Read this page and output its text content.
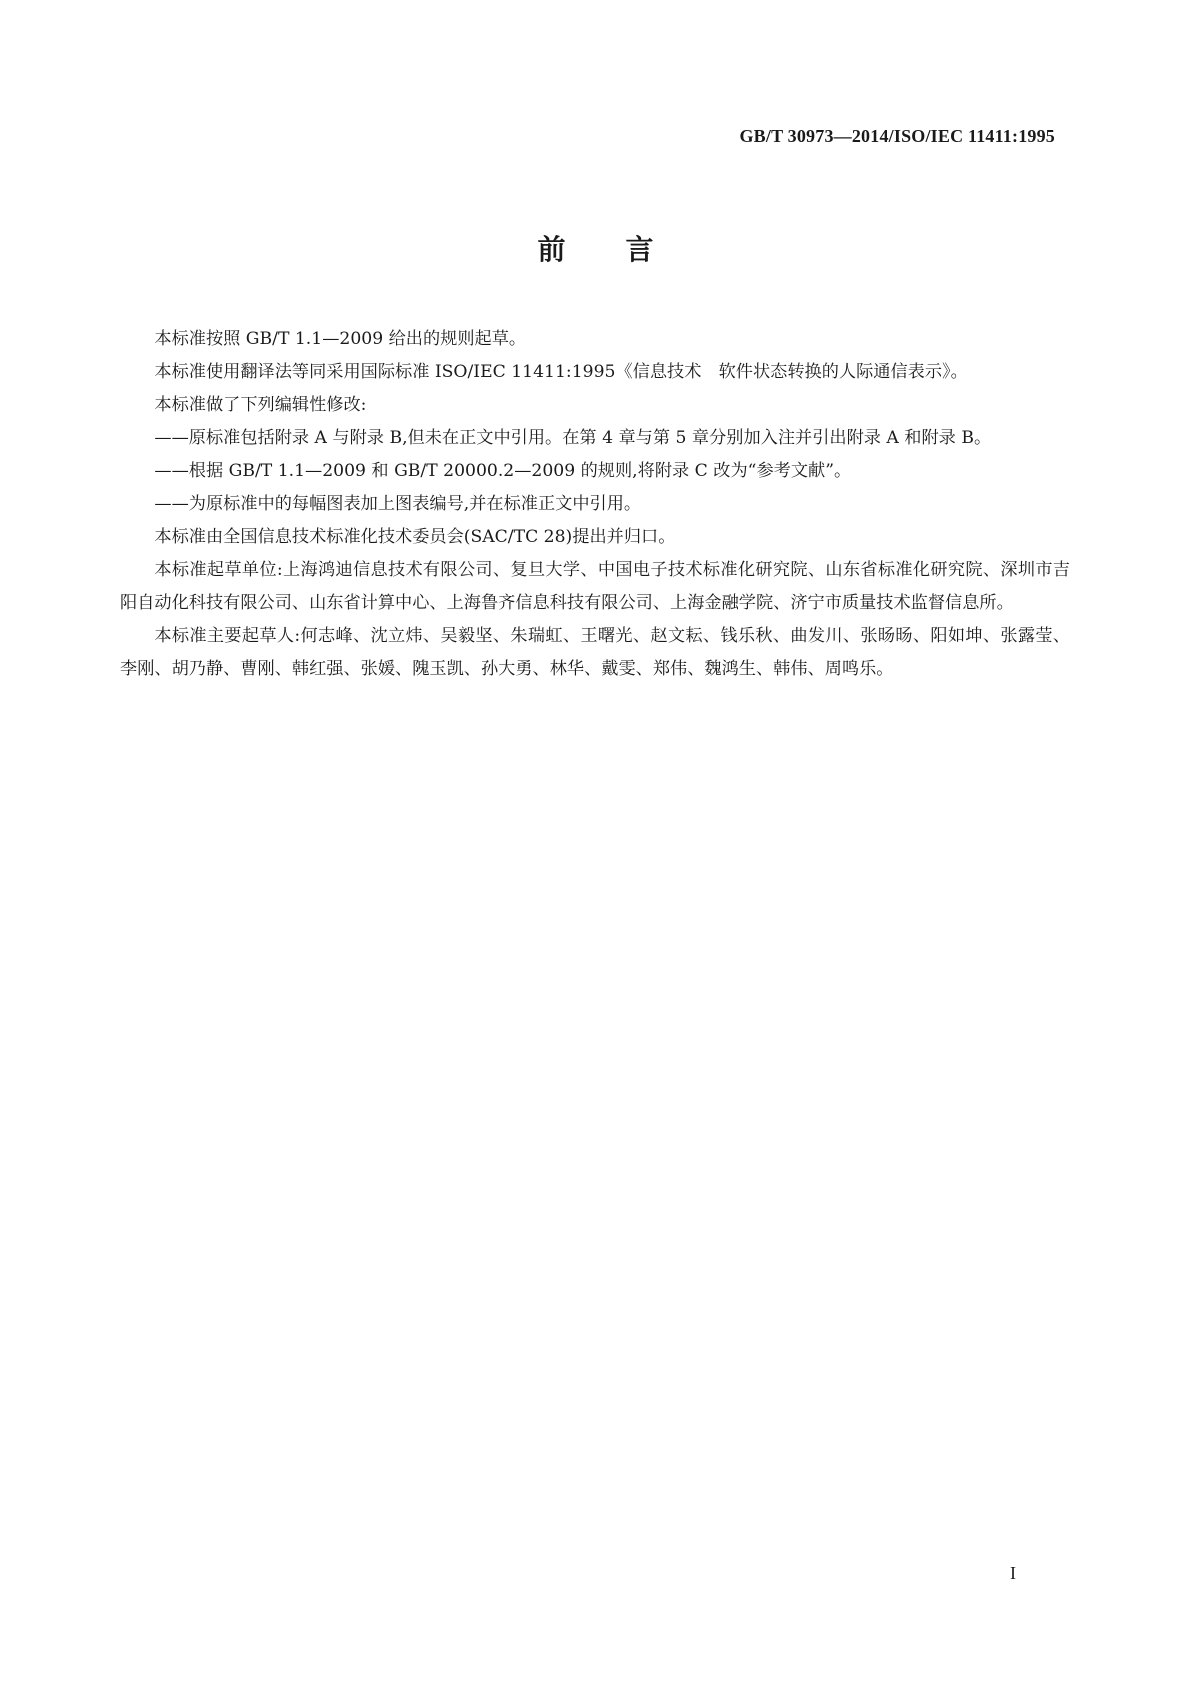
GB/T 30973—2014/ISO/IEC 11411:1995
前言

本标准按照 GB/T 1.1—2009 给出的规则起草。

本标准使用翻译法等同采用国际标准 ISO/IEC 11411:1995《信息技术　软件状态转换的人际通信表示》。

本标准做了下列编辑性修改:

——原标准包括附录 A 与附录 B,但未在正文中引用。在第 4 章与第 5 章分别加入注并引出附录 A 和附录 B。

——根据 GB/T 1.1—2009 和 GB/T 20000.2—2009 的规则,将附录 C 改为“参考文献”。

——为原标准中的每幅图表加上图表编号,并在标准正文中引用。

本标准由全国信息技术标准化技术委员会(SAC/TC 28)提出并归口。

本标准起草单位:上海鸿迪信息技术有限公司、复旦大学、中国电子技术标准化研究院、山东省标准化研究院、深圳市吉阳自动化科技有限公司、山东省计算中心、上海鲁齐信息科技有限公司、上海金融学院、济宁市质量技术监督信息所。

本标准主要起草人:何志峰、沈立炜、吴毅坚、朱瑞虹、王曙光、赵文耘、钱乐秋、曲发川、张旸旸、阳如坤、张露莹、李刚、胡乃静、曹刚、韩红强、张媛、隗玉凯、孙大勇、林华、戴雯、郑伟、魏鸿生、韩伟、周鸣乐。

I
